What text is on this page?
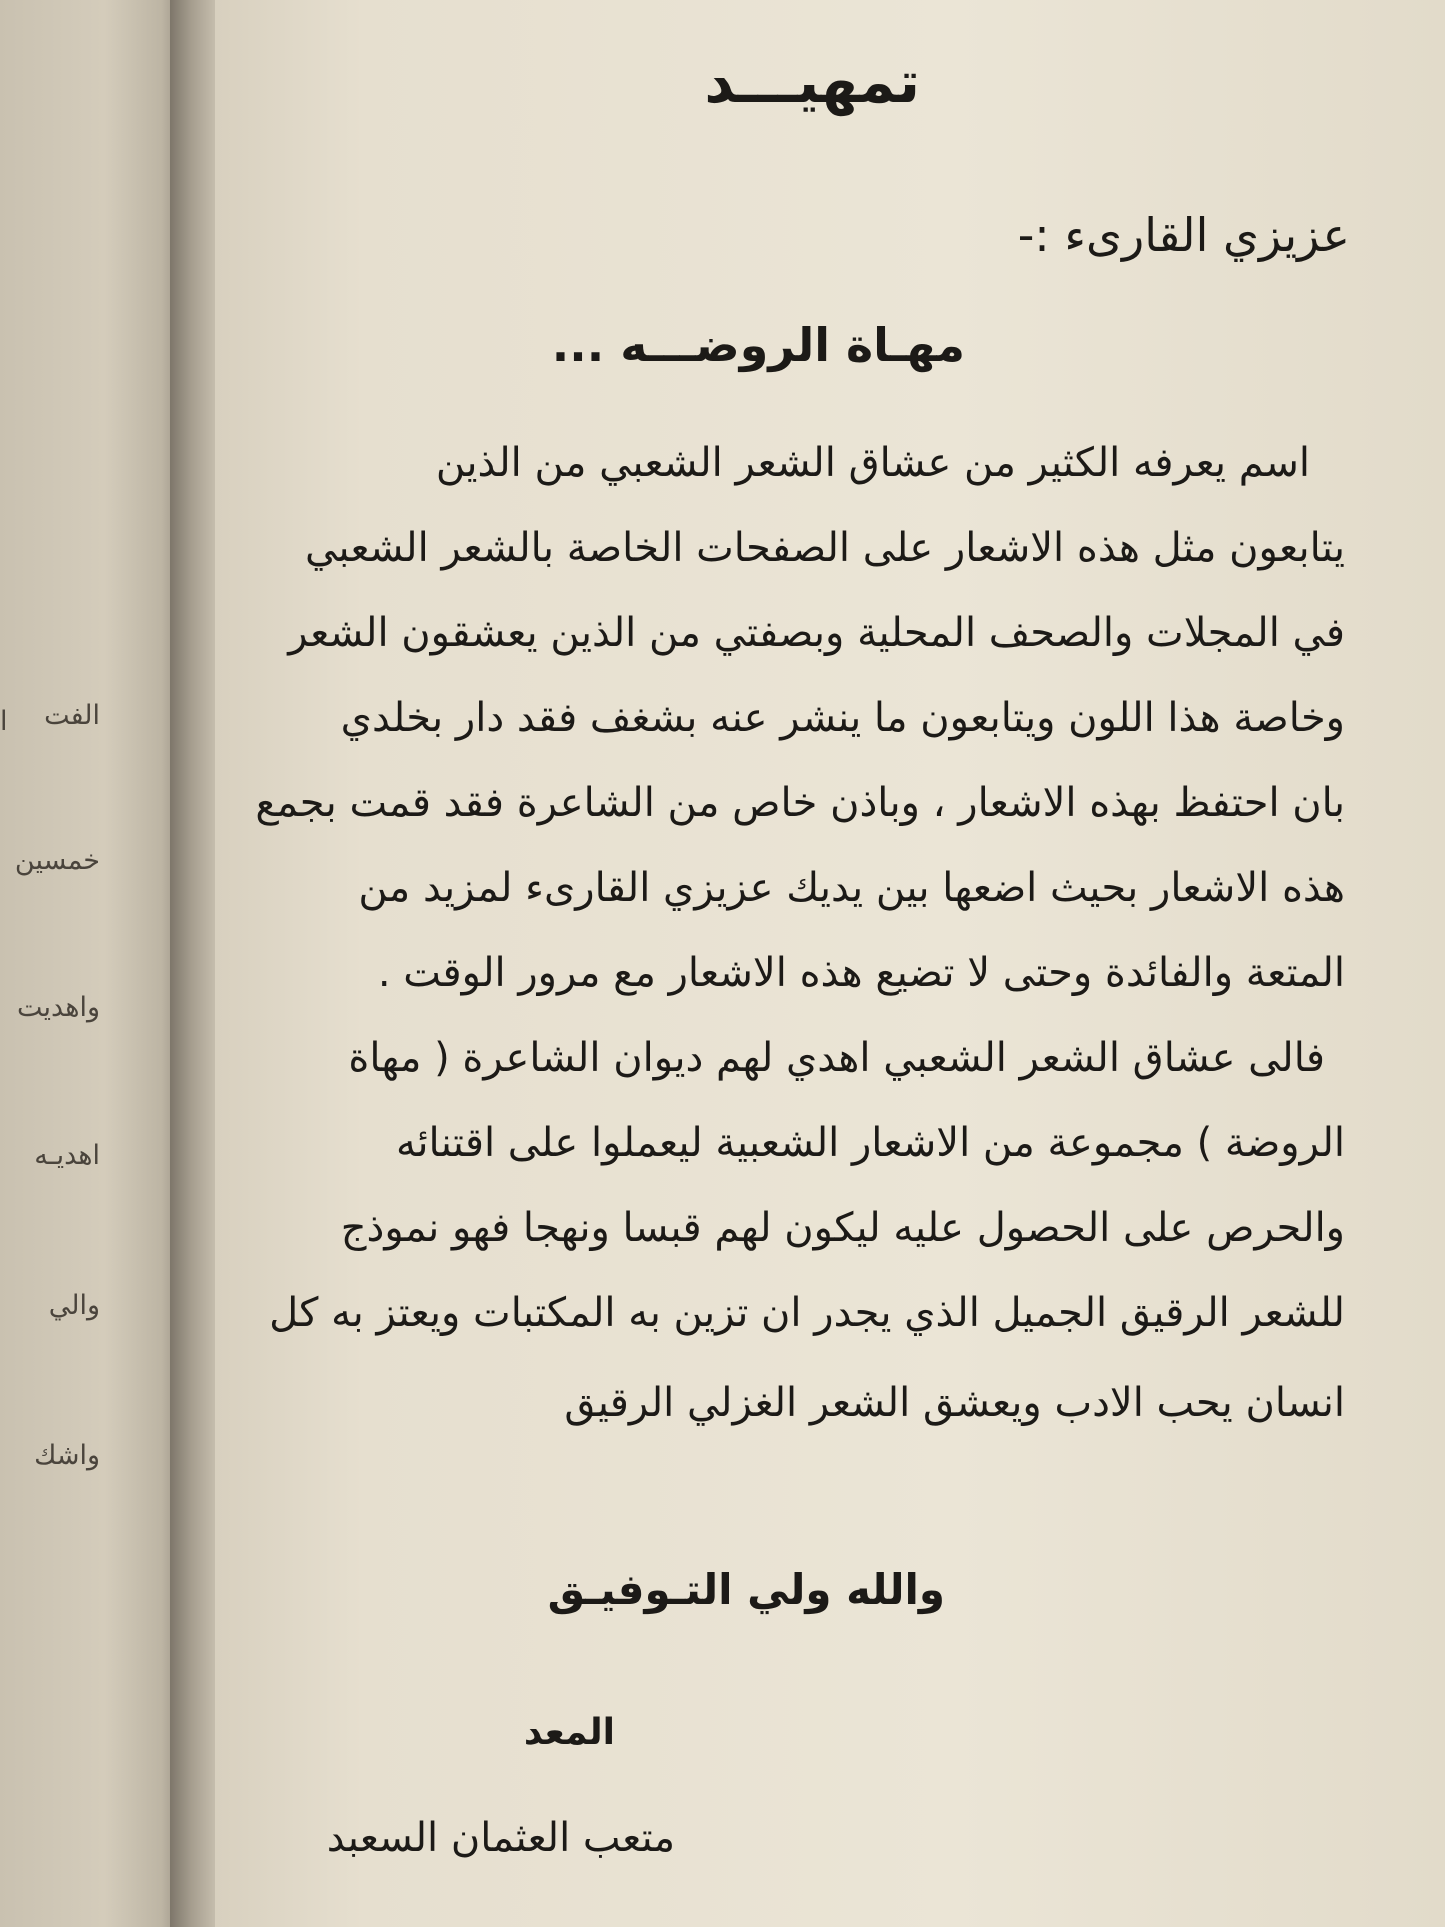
الفت
خمسين
واهديت
اهديـه
والي
واشك
ا
تمهيـــد
عزيزي القارىء :-
مهـاة الروضـــه ...
اسم يعرفه الكثير من عشاق الشعر الشعبي من الذين
يتابعون مثل هذه الاشعار على الصفحات الخاصة بالشعر الشعبي
في المجلات والصحف المحلية وبصفتي من الذين يعشقون الشعر
وخاصة هذا اللون ويتابعون ما ينشر عنه بشغف فقد دار بخلدي
بان احتفظ بهذه الاشعار ، وباذن خاص من الشاعرة فقد قمت بجمع
هذه الاشعار بحيث اضعها بين يديك عزيزي القارىء لمزيد من
المتعة والفائدة وحتى لا تضيع هذه الاشعار مع مرور الوقت .
فالى عشاق الشعر الشعبي اهدي لهم ديوان الشاعرة ( مهاة
الروضة ) مجموعة من الاشعار الشعبية ليعملوا على اقتنائه
والحرص على الحصول عليه ليكون لهم قبسا ونهجا فهو نموذج
للشعر الرقيق الجميل الذي يجدر ان تزين به المكتبات ويعتز به كل
انسان يحب الادب ويعشق الشعر الغزلي الرقيق
والله ولي التـوفيـق
المعد
متعب العثمان السعبد
